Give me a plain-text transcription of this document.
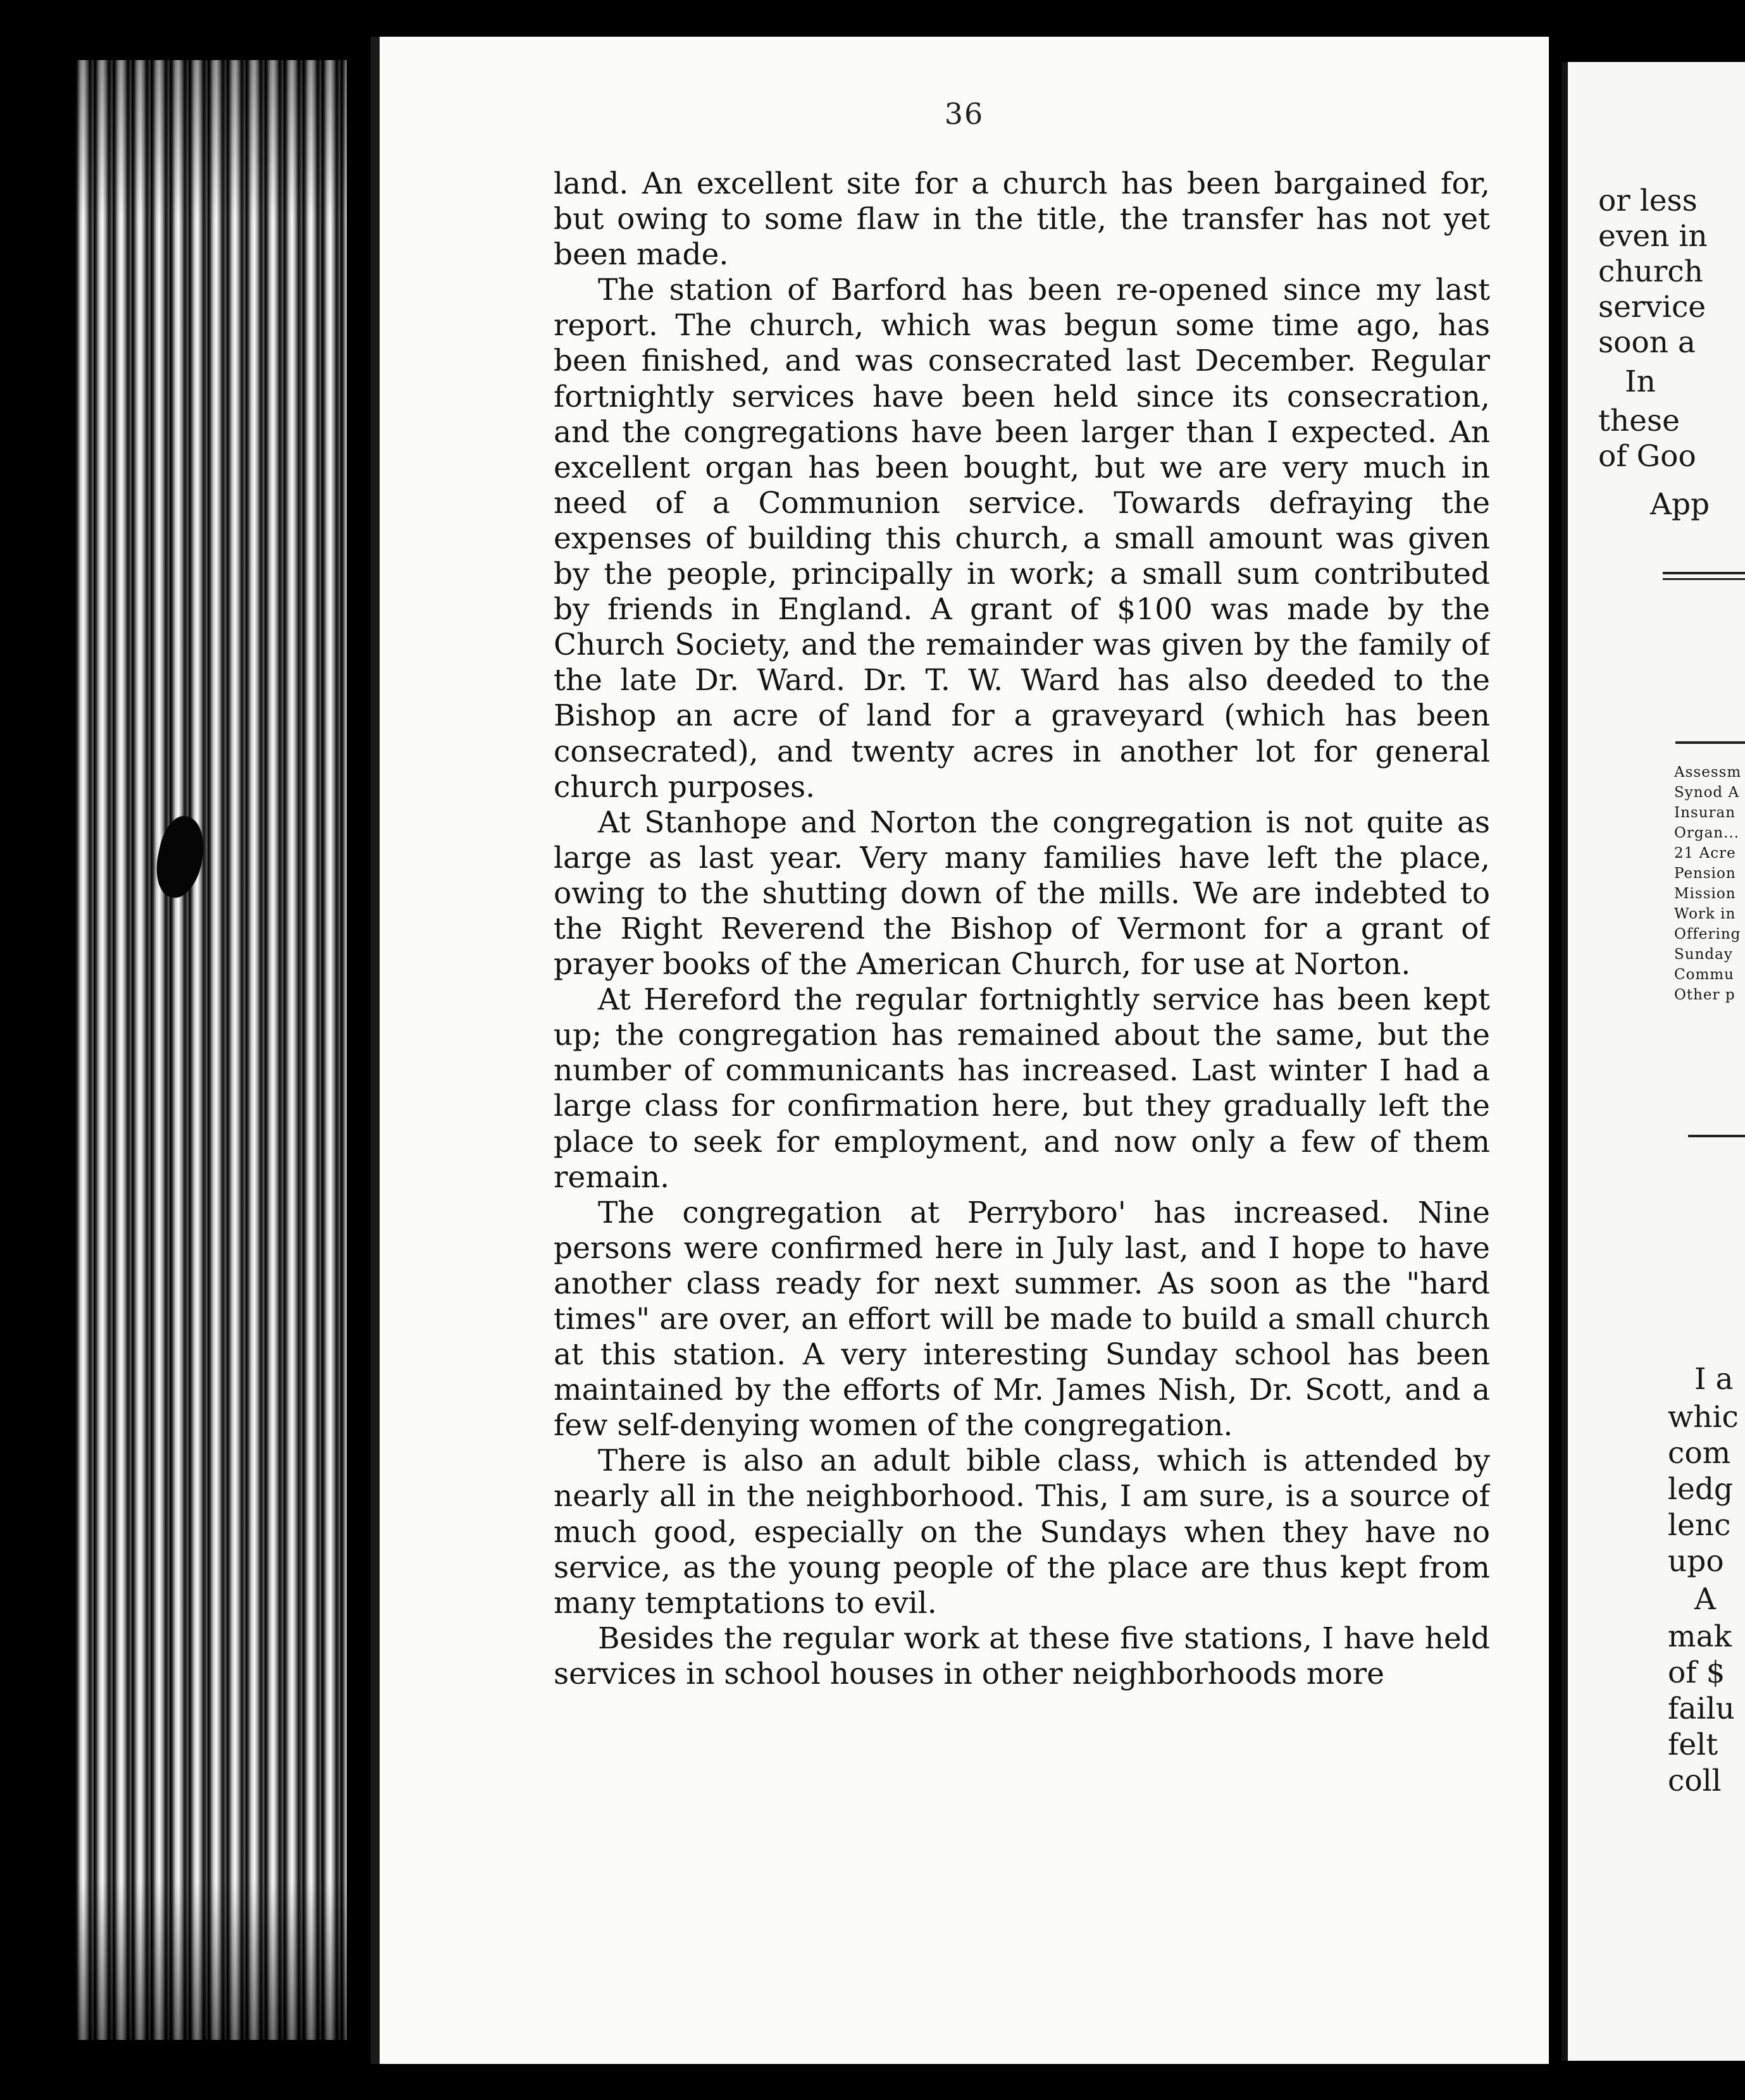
36

land. An excellent site for a church has been bargained for, but owing to some flaw in the title, the transfer has not yet been made.

The station of Barford has been re-opened since my last report. The church, which was begun some time ago, has been finished, and was consecrated last December. Regular fortnightly services have been held since its consecration, and the congregations have been larger than I expected. An excellent organ has been bought, but we are very much in need of a Communion service. Towards defraying the expenses of building this church, a small amount was given by the people, principally in work; a small sum contributed by friends in England. A grant of $100 was made by the Church Society, and the remainder was given by the family of the late Dr. Ward. Dr. T. W. Ward has also deeded to the Bishop an acre of land for a graveyard (which has been consecrated), and twenty acres in another lot for general church purposes.

At Stanhope and Norton the congregation is not quite as large as last year. Very many families have left the place, owing to the shutting down of the mills. We are indebted to the Right Reverend the Bishop of Vermont for a grant of prayer books of the American Church, for use at Norton.

At Hereford the regular fortnightly service has been kept up; the congregation has remained about the same, but the number of communicants has increased. Last winter I had a large class for confirmation here, but they gradually left the place to seek for employment, and now only a few of them remain.

The congregation at Perryboro' has increased. Nine persons were confirmed here in July last, and I hope to have another class ready for next summer. As soon as the "hard times" are over, an effort will be made to build a small church at this station. A very interesting Sunday school has been maintained by the efforts of Mr. James Nish, Dr. Scott, and a few self-denying women of the congregation.

There is also an adult bible class, which is attended by nearly all in the neighborhood. This, I am sure, is a source of much good, especially on the Sundays when they have no service, as the young people of the place are thus kept from many temptations to evil.

Besides the regular work at these five stations, I have held services in school houses in other neighborhoods more

or less
even in
church
service
soon a
In
these
of Goo
App
Assessm
Synod A
Insuran
Organ...
21 Acre
Pension
Mission
Work in
Offering
Sunday
Commu
Other p
I a
whic
com
ledg
lenc
upo
A
mak
of $
failu
felt
coll
